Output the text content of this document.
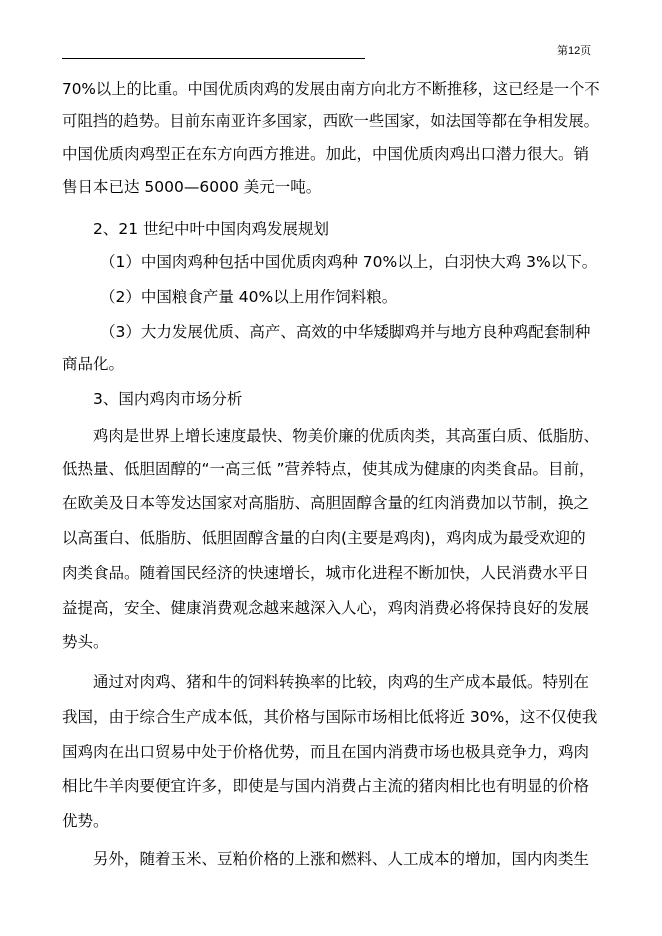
第12页
70%以上的比重。中国优质肉鸡的发展由南方向北方不断推移，这已经是一个不
可阻挡的趋势。目前东南亚许多国家，西欧一些国家，如法国等都在争相发展。
中国优质肉鸡型正在东方向西方推进。加此，中国优质肉鸡出口潜力很大。销
售日本已达 5000—6000 美元一吨。
2、21 世纪中叶中国肉鸡发展规划
（1）中国肉鸡种包括中国优质肉鸡种 70%以上，白羽快大鸡 3%以下。
（2）中国粮食产量 40%以上用作饲料粮。
（3）大力发展优质、高产、高效的中华矮脚鸡并与地方良种鸡配套制种
商品化。
3、国内鸡肉市场分析
鸡肉是世界上增长速度最快、物美价廉的优质肉类，其高蛋白质、低脂肪、
低热量、低胆固醇的“一高三低 ”营养特点，使其成为健康的肉类食品。目前，
在欧美及日本等发达国家对高脂肪、高胆固醇含量的红肉消费加以节制，换之
以高蛋白、低脂肪、低胆固醇含量的白肉(主要是鸡肉)，鸡肉成为最受欢迎的
肉类食品。随着国民经济的快速增长，城市化进程不断加快，人民消费水平日
益提高，安全、健康消费观念越来越深入人心，鸡肉消费必将保持良好的发展
势头。
通过对肉鸡、猪和牛的饲料转换率的比较，肉鸡的生产成本最低。特别在
我国，由于综合生产成本低，其价格与国际市场相比低将近 30%，这不仅使我
国鸡肉在出口贸易中处于价格优势，而且在国内消费市场也极具竞争力，鸡肉
相比牛羊肉要便宜许多，即使是与国内消费占主流的猪肉相比也有明显的价格
优势。
另外，随着玉米、豆粕价格的上涨和燃料、人工成本的增加，国内肉类生
